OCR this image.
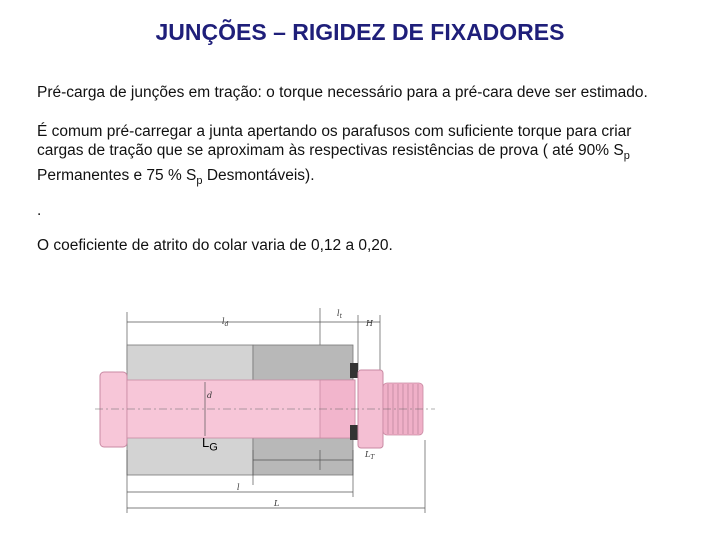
JUNÇÕES – RIGIDEZ DE FIXADORES
Pré-carga de junções em tração: o torque necessário para a pré-cara deve ser estimado.
É comum pré-carregar a junta apertando os parafusos com suficiente torque para criar
cargas de tração que se aproximam às respectivas resistências de prova ( até 90% $S_p$
Permanentes e 75 % $S_p$ Desmontáveis).
.
O coeficiente de atrito do colar varia de 0,12 a 0,20.
$l_d$
$l_t$
H
d
$L_T$
l
L
$L_G$
